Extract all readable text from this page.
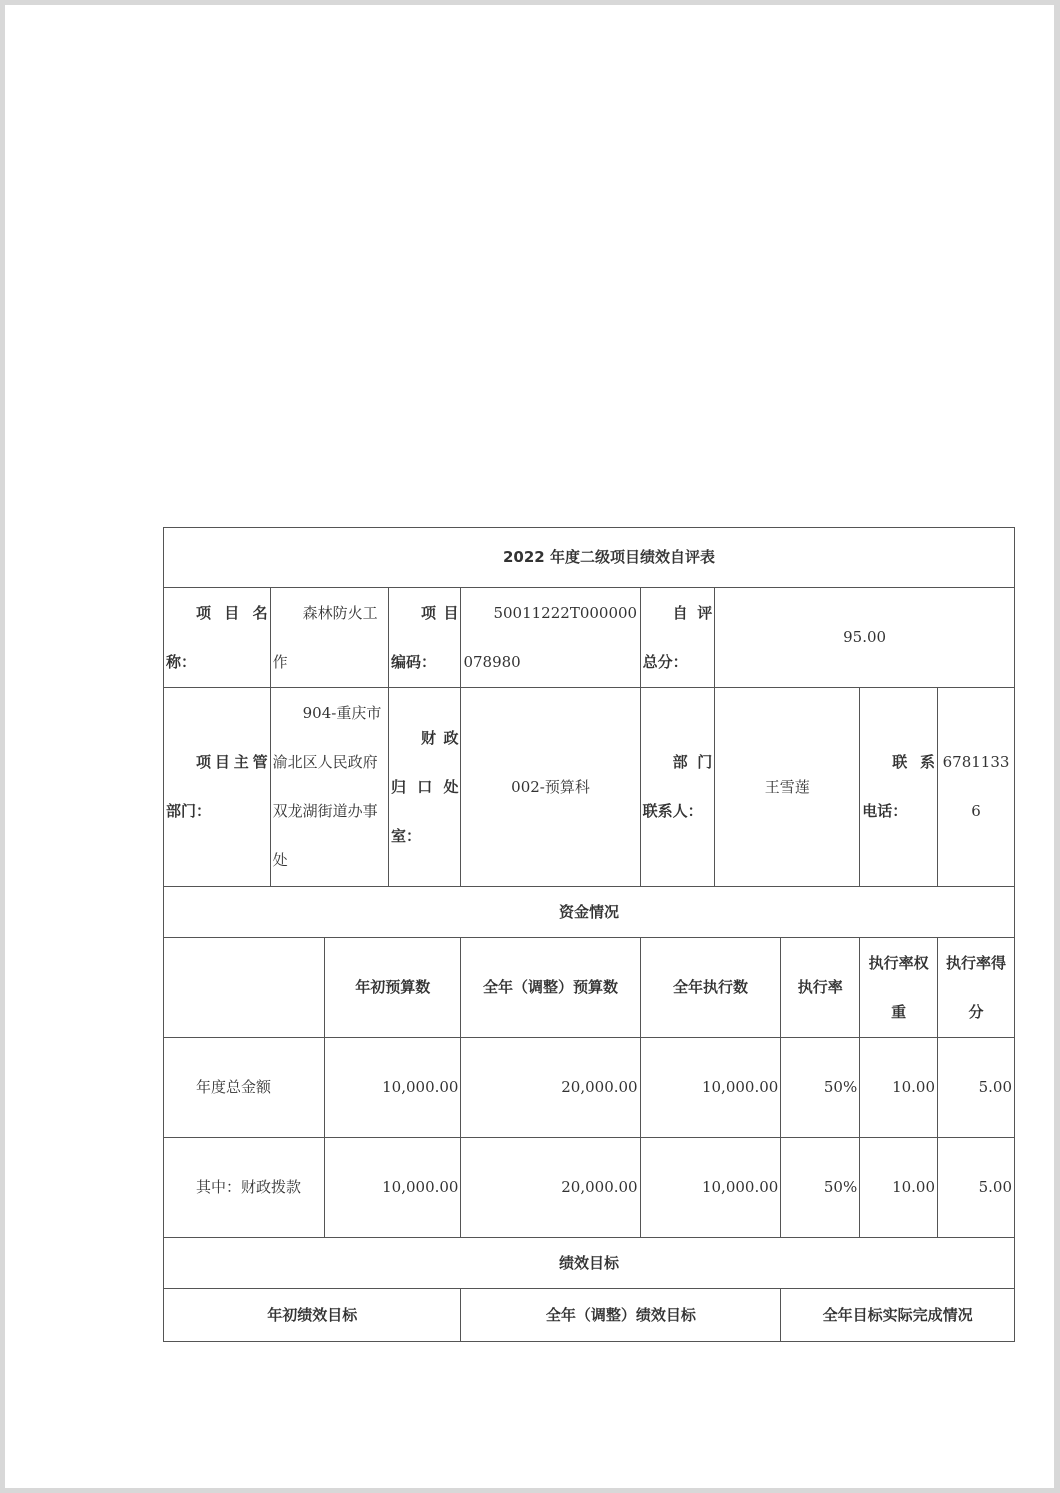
2022 年度二级项目绩效自评表									
项目名称：	森林防火工作		项目编码：	50011222T000000078980	自评总分：	95.00			
项目主管部门：	904-重庆市渝北区人民政府双龙湖街道办事处		财政归口处室：	002-预算科	部门联系人：	王雪莲		联系电话：	67811336
资金情况									
		年初预算数		全年（调整）预算数	全年执行数		执行率	执行率权重	执行率得分
年度总金额		10,000.00		20,000.00	10,000.00		50%	10.00	5.00
其中：财政拨款		10,000.00		20,000.00	10,000.00		50%	10.00	5.00
绩效目标									
年初绩效目标				全年（调整）绩效目标			全年目标实际完成情况		
